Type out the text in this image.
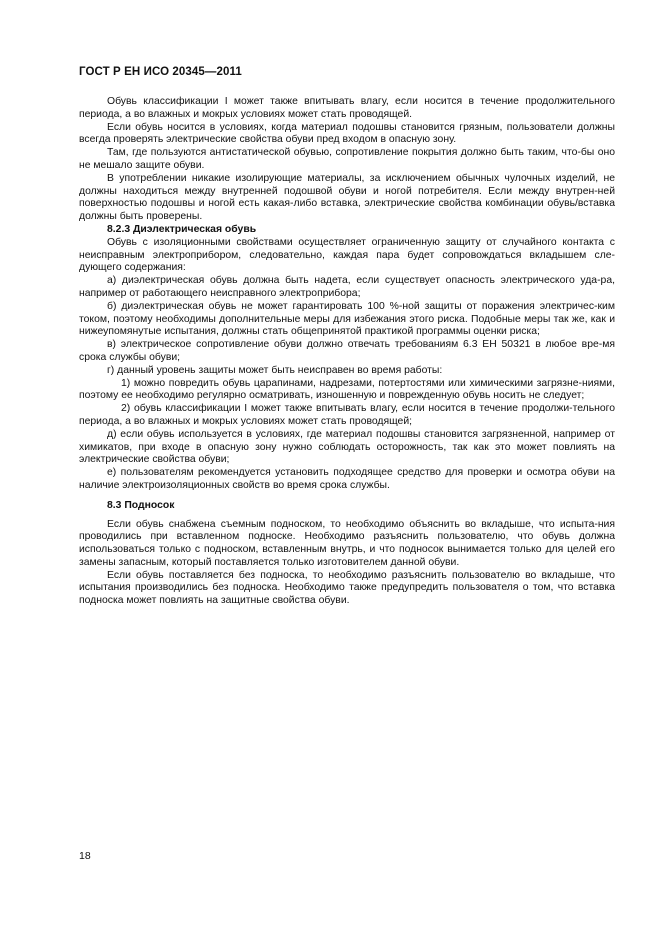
ГОСТ Р ЕН ИСО 20345—2011

Обувь классификации I может также впитывать влагу, если носится в течение продолжительного периода, а во влажных и мокрых условиях может стать проводящей.

Если обувь носится в условиях, когда материал подошвы становится грязным, пользователи должны всегда проверять электрические свойства обуви пред входом в опасную зону.

Там, где пользуются антистатической обувью, сопротивление покрытия должно быть таким, что-бы оно не мешало защите обуви.

В употреблении никакие изолирующие материалы, за исключением обычных чулочных изделий, не должны находиться между внутренней подошвой обуви и ногой потребителя. Если между внутрен-ней поверхностью подошвы и ногой есть какая-либо вставка, электрические свойства комбинации обувь/вставка должны быть проверены.

8.2.3 Диэлектрическая обувь

Обувь с изоляционными свойствами осуществляет ограниченную защиту от случайного контакта с неисправным электроприбором, следовательно, каждая пара будет сопровождаться вкладышем сле-дующего содержания:

а) диэлектрическая обувь должна быть надета, если существует опасность электрического уда-ра, например от работающего неисправного электроприбора;

б) диэлектрическая обувь не может гарантировать 100 %-ной защиты от поражения электричес-ким током, поэтому необходимы дополнительные меры для избежания этого риска. Подобные меры так же, как и нижеупомянутые испытания, должны стать общепринятой практикой программы оценки риска;

в) электрическое сопротивление обуви должно отвечать требованиям 6.3 ЕН 50321 в любое вре-мя срока службы обуви;

г) данный уровень защиты может быть неисправен во время работы:

1) можно повредить обувь царапинами, надрезами, потертостями или химическими загрязне-ниями, поэтому ее необходимо регулярно осматривать, изношенную и поврежденную обувь носить не следует;

2) обувь классификации I может также впитывать влагу, если носится в течение продолжи-тельного периода, а во влажных и мокрых условиях может стать проводящей;

д) если обувь используется в условиях, где материал подошвы становится загрязненной, например от химикатов, при входе в опасную зону нужно соблюдать осторожность, так как это может повлиять на электрические свойства обуви;

е) пользователям рекомендуется установить подходящее средство для проверки и осмотра обуви на наличие электроизоляционных свойств во время срока службы.

8.3 Подносок

Если обувь снабжена съемным подноском, то необходимо объяснить во вкладыше, что испыта-ния проводились при вставленном подноске. Необходимо разъяснить пользователю, что обувь должна использоваться только с подноском, вставленным внутрь, и что подносок вынимается только для целей его замены запасным, который поставляется только изготовителем данной обуви.

Если обувь поставляется без подноска, то необходимо разъяснить пользователю во вкладыше, что испытания производились без подноска. Необходимо также предупредить пользователя о том, что вставка подноска может повлиять на защитные свойства обуви.

18
